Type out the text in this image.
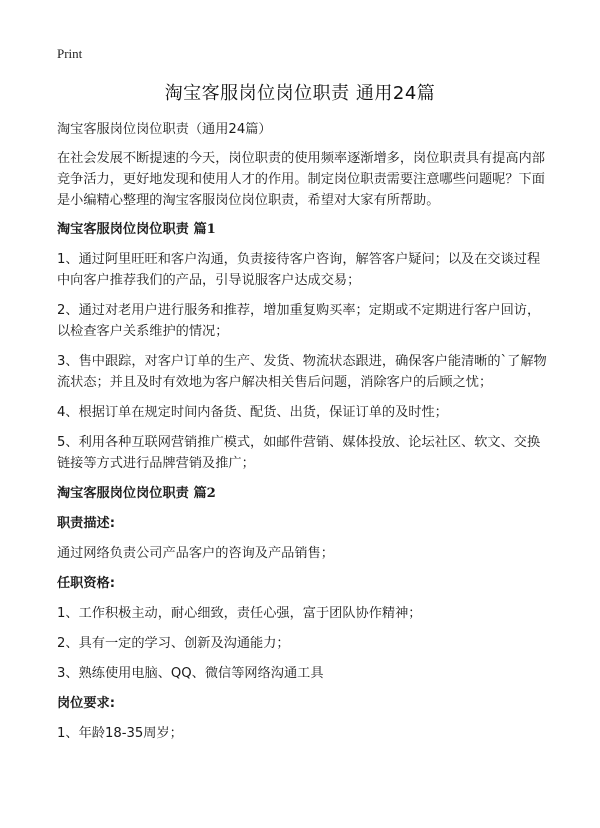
Print
淘宝客服岗位岗位职责 通用24篇

淘宝客服岗位岗位职责（通用24篇）

在社会发展不断提速的今天，岗位职责的使用频率逐渐增多，岗位职责具有提高内部竞争活力，更好地发现和使用人才的作用。制定岗位职责需要注意哪些问题呢？下面是小编精心整理的淘宝客服岗位岗位职责，希望对大家有所帮助。

淘宝客服岗位岗位职责 篇1

1、通过阿里旺旺和客户沟通，负责接待客户咨询，解答客户疑问；以及在交谈过程中向客户推荐我们的产品，引导说服客户达成交易；

2、通过对老用户进行服务和推荐，增加重复购买率；定期或不定期进行客户回访，以检查客户关系维护的情况；

3、售中跟踪，对客户订单的生产、发货、物流状态跟进，确保客户能清晰的`了解物流状态；并且及时有效地为客户解决相关售后问题，消除客户的后顾之忧；

4、根据订单在规定时间内备货、配货、出货，保证订单的及时性；

5、利用各种互联网营销推广模式，如邮件营销、媒体投放、论坛社区、软文、交换链接等方式进行品牌营销及推广；

淘宝客服岗位岗位职责 篇2

职责描述:

通过网络负责公司产品客户的咨询及产品销售；

任职资格:

1、工作积极主动，耐心细致，责任心强，富于团队协作精神；

2、具有一定的学习、创新及沟通能力；

3、熟练使用电脑、QQ、微信等网络沟通工具

岗位要求:

1、年龄18-35周岁；
